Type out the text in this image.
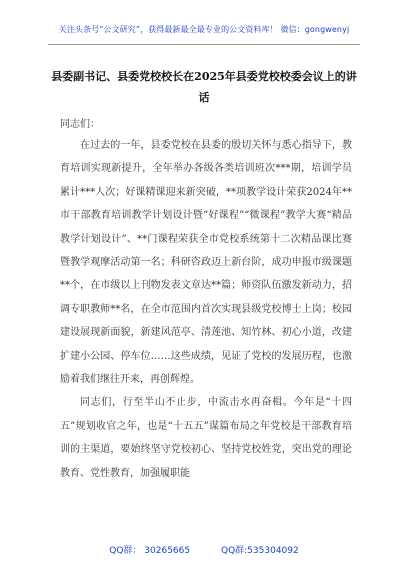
关注头条号“公文研究”，获得最新最全最专业的公文资料库！ 微信：gongwenyj
县委副书记、县委党校校长在2025年县委党校校委会议上的讲话
同志们：

在过去的一年，县委党校在县委的殷切关怀与悉心指导下，教育培训实现新提升，全年举办各级各类培训班次***期，培训学员累计***人次；好课精课迎来新突破，**项教学设计荣获2024年**市干部教育培训教学计划设计暨“好课程”“微课程”教学大赛“精品教学计划设计”、**门课程荣获全市党校系统第十二次精品课比赛暨教学观摩活动第一名；科研咨政迈上新台阶，成功申报市级课题**个，在市级以上刊物发表文章达**篇；师资队伍激发新动力，招调专职教师**名，在全市范围内首次实现县级党校博士上岗；校园建设展现新面貌，新建风范亭、清莲池、知竹林、初心小道，改建扩建小公园、停车位……这些成绩，见证了党校的发展历程，也激励着我们继往开来，再创辉煌。

同志们，行至半山不止步，中流击水再奋楫。今年是“十四五”规划收官之年，也是“十五五”谋篇布局之年党校是干部教育培训的主渠道，要始终坚守党校初心、坚持党校姓党，突出党的理论教育、党性教育，加强履职能

QQ群： 30265665	QQ群:535304092
